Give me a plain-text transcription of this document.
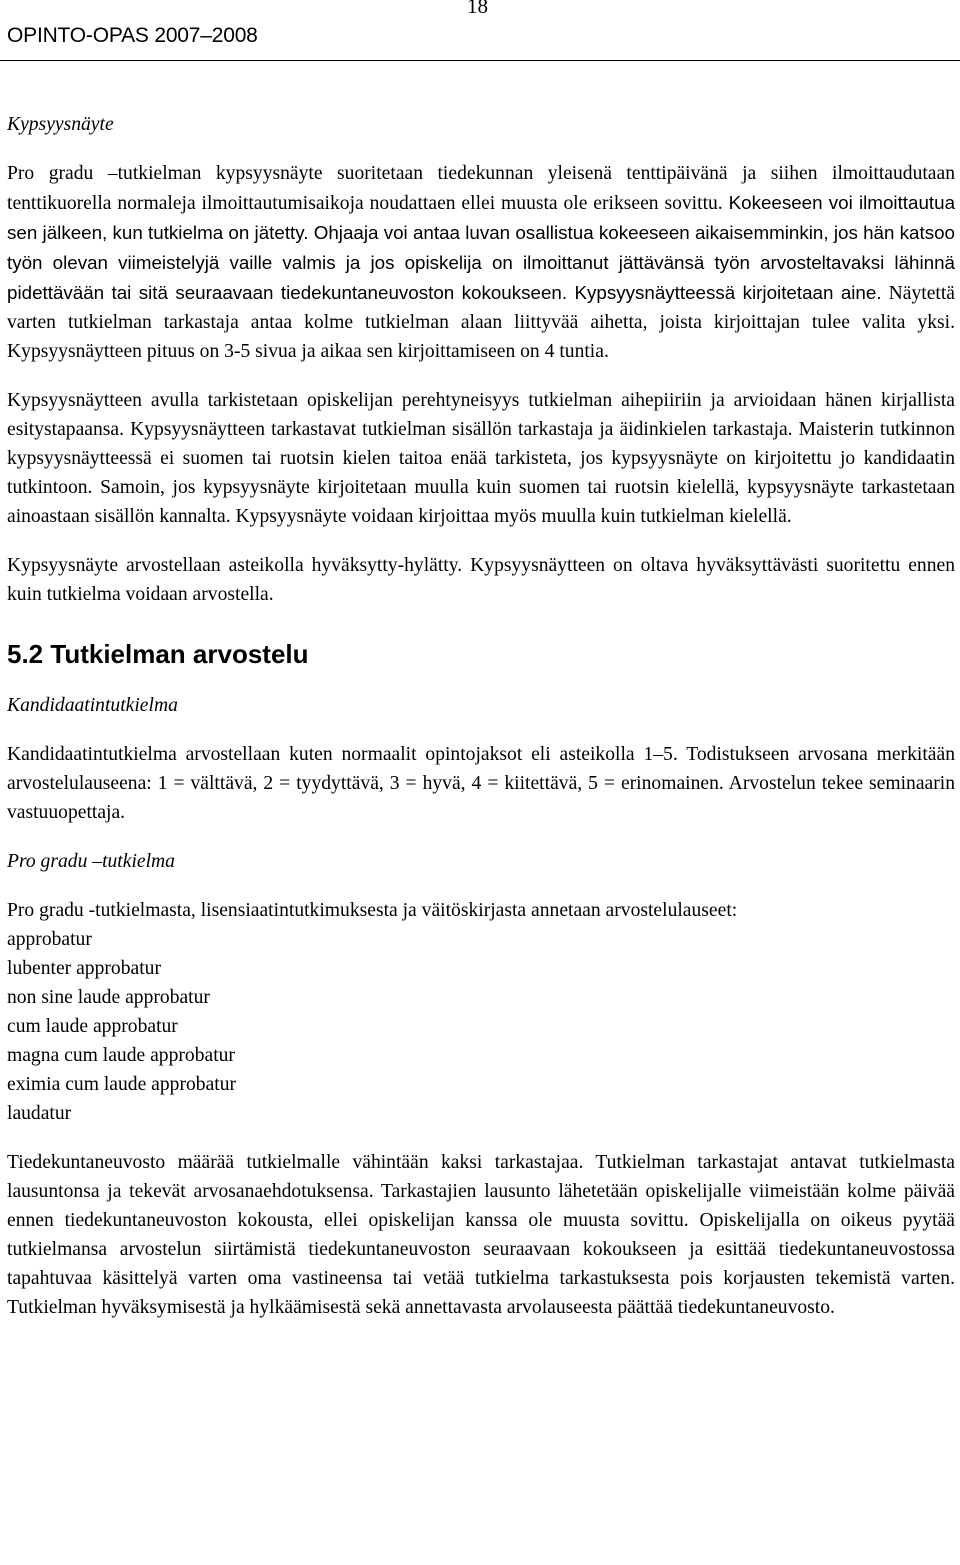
18
OPINTO-OPAS 2007–2008

Kypsyysnäyte

Pro gradu –tutkielman kypsyysnäyte suoritetaan tiedekunnan yleisenä tenttipäivänä ja siihen ilmoittaudutaan tenttikuorella normaleja ilmoittautumisaikoja noudattaen ellei muusta ole erikseen sovittu. Kokeeseen voi ilmoittautua sen jälkeen, kun tutkielma on jätetty. Ohjaaja voi antaa luvan osallistua kokeeseen aikaisemminkin, jos hän katsoo työn olevan viimeistelyjä vaille valmis ja jos opiskelija on ilmoittanut jättävänsä työn arvosteltavaksi lähinnä pidettävään tai sitä seuraavaan tiedekuntaneuvoston kokoukseen. Kypsyysnäytteessä kirjoitetaan aine. Näytettä varten tutkielman tarkastaja antaa kolme tutkielman alaan liittyvää aihetta, joista kirjoittajan tulee valita yksi. Kypsyysnäytteen pituus on 3-5 sivua ja aikaa sen kirjoittamiseen on 4 tuntia.

Kypsyysnäytteen avulla tarkistetaan opiskelijan perehtyneisyys tutkielman aihepiiriin ja arvioidaan hänen kirjallista esitystapaansa. Kypsyysnäytteen tarkastavat tutkielman sisällön tarkastaja ja äidinkielen tarkastaja. Maisterin tutkinnon kypsyysnäytteessä ei suomen tai ruotsin kielen taitoa enää tarkisteta, jos kypsyysnäyte on kirjoitettu jo kandidaatin tutkintoon. Samoin, jos kypsyysnäyte kirjoitetaan muulla kuin suomen tai ruotsin kielellä, kypsyysnäyte tarkastetaan ainoastaan sisällön kannalta. Kypsyysnäyte voidaan kirjoittaa myös muulla kuin tutkielman kielellä.

Kypsyysnäyte arvostellaan asteikolla hyväksytty-hylätty. Kypsyysnäytteen on oltava hyväksyttävästi suoritettu ennen kuin tutkielma voidaan arvostella.

5.2 Tutkielman arvostelu

Kandidaatintutkielma

Kandidaatintutkielma arvostellaan kuten normaalit opintojaksot eli asteikolla 1–5. Todistukseen arvosana merkitään arvostelulauseena: 1 = välttävä, 2 = tyydyttävä, 3 = hyvä, 4 = kiitettävä, 5 = erinomainen. Arvostelun tekee seminaarin vastuuopettaja.

Pro gradu –tutkielma

Pro gradu -tutkielmasta, lisensiaatintutkimuksesta ja väitöskirjasta annetaan arvostelulauseet:

approbatur
lubenter approbatur
non sine laude approbatur
cum laude approbatur
magna cum laude approbatur
eximia cum laude approbatur
laudatur

Tiedekuntaneuvosto määrää tutkielmalle vähintään kaksi tarkastajaa. Tutkielman tarkastajat antavat tutkielmasta lausuntonsa ja tekevät arvosanaehdotuksensa. Tarkastajien lausunto lähetetään opiskelijalle viimeistään kolme päivää ennen tiedekuntaneuvoston kokousta, ellei opiskelijan kanssa ole muusta sovittu. Opiskelijalla on oikeus pyytää tutkielmansa arvostelun siirtämistä tiedekuntaneuvoston seuraavaan kokoukseen ja esittää tiedekuntaneuvostossa tapahtuvaa käsittelyä varten oma vastineensa tai vetää tutkielma tarkastuksesta pois korjausten tekemistä varten. Tutkielman hyväksymisestä ja hylkäämisestä sekä annettavasta arvolauseesta päättää tiedekuntaneuvosto.
